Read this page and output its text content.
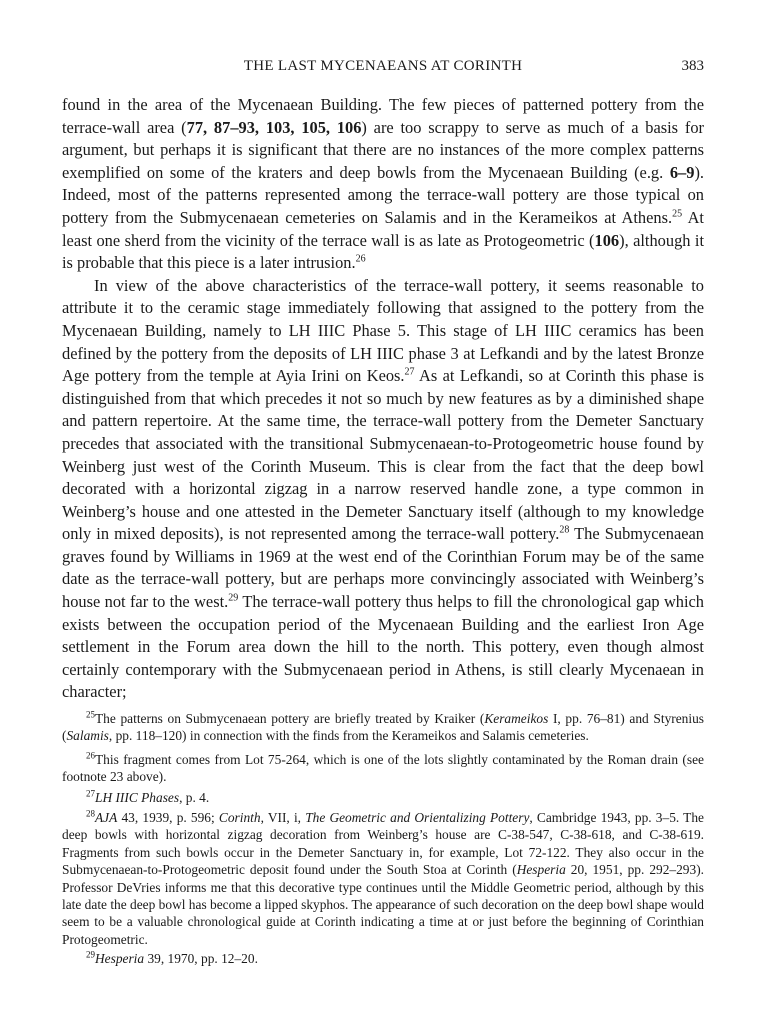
THE LAST MYCENAEANS AT CORINTH	383

found in the area of the Mycenaean Building. The few pieces of patterned pottery from the terrace-wall area (77, 87–93, 103, 105, 106) are too scrappy to serve as much of a basis for argument, but perhaps it is significant that there are no instances of the more complex patterns exemplified on some of the kraters and deep bowls from the Mycenaean Building (e.g. 6–9). Indeed, most of the patterns represented among the terrace-wall pottery are those typical on pottery from the Submycenaean cemeteries on Salamis and in the Kerameikos at Athens.$^{25}$ At least one sherd from the vicinity of the terrace wall is as late as Protogeometric (106), although it is probable that this piece is a later intrusion.$^{26}$

In view of the above characteristics of the terrace-wall pottery, it seems reasonable to attribute it to the ceramic stage immediately following that assigned to the pottery from the Mycenaean Building, namely to LH IIIC Phase 5. This stage of LH IIIC ceramics has been defined by the pottery from the deposits of LH IIIC phase 3 at Lefkandi and by the latest Bronze Age pottery from the temple at Ayia Irini on Keos.$^{27}$ As at Lefkandi, so at Corinth this phase is distinguished from that which precedes it not so much by new features as by a diminished shape and pattern repertoire. At the same time, the terrace-wall pottery from the Demeter Sanctuary precedes that associated with the transitional Submycenaean-to-Protogeometric house found by Weinberg just west of the Corinth Museum. This is clear from the fact that the deep bowl decorated with a horizontal zigzag in a narrow reserved handle zone, a type common in Weinberg’s house and one attested in the Demeter Sanctuary itself (although to my knowledge only in mixed deposits), is not represented among the terrace-wall pottery.$^{28}$ The Submycenaean graves found by Williams in 1969 at the west end of the Corinthian Forum may be of the same date as the terrace-wall pottery, but are perhaps more convincingly associated with Weinberg’s house not far to the west.$^{29}$ The terrace-wall pottery thus helps to fill the chronological gap which exists between the occupation period of the Mycenaean Building and the earliest Iron Age settlement in the Forum area down the hill to the north. This pottery, even though almost certainly contemporary with the Submycenaean period in Athens, is still clearly Mycenaean in character;

$^{25}$The patterns on Submycenaean pottery are briefly treated by Kraiker (Kerameikos I, pp. 76–81) and Styrenius (Salamis, pp. 118–120) in connection with the finds from the Kerameikos and Salamis cemeteries.

$^{26}$This fragment comes from Lot 75-264, which is one of the lots slightly contaminated by the Roman drain (see footnote 23 above).

$^{27}$LH IIIC Phases, p. 4.

$^{28}$AJA 43, 1939, p. 596; Corinth, VII, i, The Geometric and Orientalizing Pottery, Cambridge 1943, pp. 3–5. The deep bowls with horizontal zigzag decoration from Weinberg’s house are C-38-547, C-38-618, and C-38-619. Fragments from such bowls occur in the Demeter Sanctuary in, for example, Lot 72-122. They also occur in the Submycenaean-to-Protogeometric deposit found under the South Stoa at Corinth (Hesperia 20, 1951, pp. 292–293). Professor DeVries informs me that this decorative type continues until the Middle Geometric period, although by this late date the deep bowl has become a lipped skyphos. The appearance of such decoration on the deep bowl shape would seem to be a valuable chronological guide at Corinth indicating a time at or just before the beginning of Corinthian Protogeometric.

$^{29}$Hesperia 39, 1970, pp. 12–20.
